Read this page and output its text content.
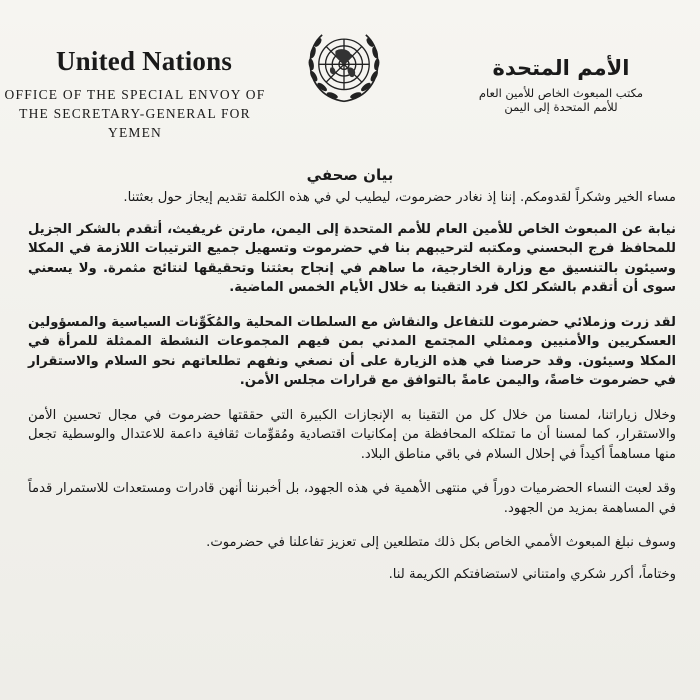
United Nations
OFFICE OF THE SPECIAL ENVOY OF
THE SECRETARY-GENERAL FOR YEMEN
الأمم المتحدة
مكتب المبعوث الخاص للأمين العام
للأمم المتحدة إلى اليمن
بيان صحفي

مساء الخير وشكراً لقدومكم. إننا إذ نغادر حضرموت، ليطيب لي في هذه الكلمة تقديم إيجاز حول بعثتنا.

نيابة عن المبعوث الخاص للأمين العام للأمم المتحدة إلى اليمن، مارتن غريفيث، أتقدم بالشكر الجزيل للمحافظ فرج البحسني ومكتبه لترحيبهم بنا في حضرموت وتسهيل جميع الترتيبات اللازمة في المكلا وسيئون بالتنسيق مع وزارة الخارجية، ما ساهم في إنجاح بعثتنا وتحقيقها لنتائج مثمرة. ولا يسعني سوى أن أتقدم بالشكر لكل فرد التقينا به خلال الأيام الخمس الماضية.

لقد زرت وزملائي حضرموت للتفاعل والنقاش مع السلطات المحلية والمُكَوِّنات السياسية والمسؤولين العسكريين والأمنيين وممثلي المجتمع المدني بمن فيهم المجموعات النشطة الممثلة للمرأة في المكلا وسيئون. وقد حرصنا في هذه الزيارة على أن نصغي ونفهم تطلعاتهم نحو السلام والاستقرار في حضرموت خاصةً، واليمن عامةً بالتوافق مع قرارات مجلس الأمن.

وخلال زياراتنا، لمسنا من خلال كل من التقينا به الإنجازات الكبيرة التي حققتها حضرموت في مجال تحسين الأمن والاستقرار، كما لمسنا أن ما تمتلكه المحافظة من إمكانيات اقتصادية ومُقوِّمات ثقافية داعمة للاعتدال والوسطية تجعل منها مساهماً أكيداً في إحلال السلام في باقي مناطق البلاد.

وقد لعبت النساء الحضرميات دوراً في منتهى الأهمية في هذه الجهود، بل أخبرننا أنهن قادرات ومستعدات للاستمرار قدماً في المساهمة بمزيد من الجهود.

وسوف نبلغ المبعوث الأممي الخاص بكل ذلك متطلعين إلى تعزيز تفاعلنا في حضرموت.

وختاماً، أكرر شكري وامتناني لاستضافتكم الكريمة لنا.
